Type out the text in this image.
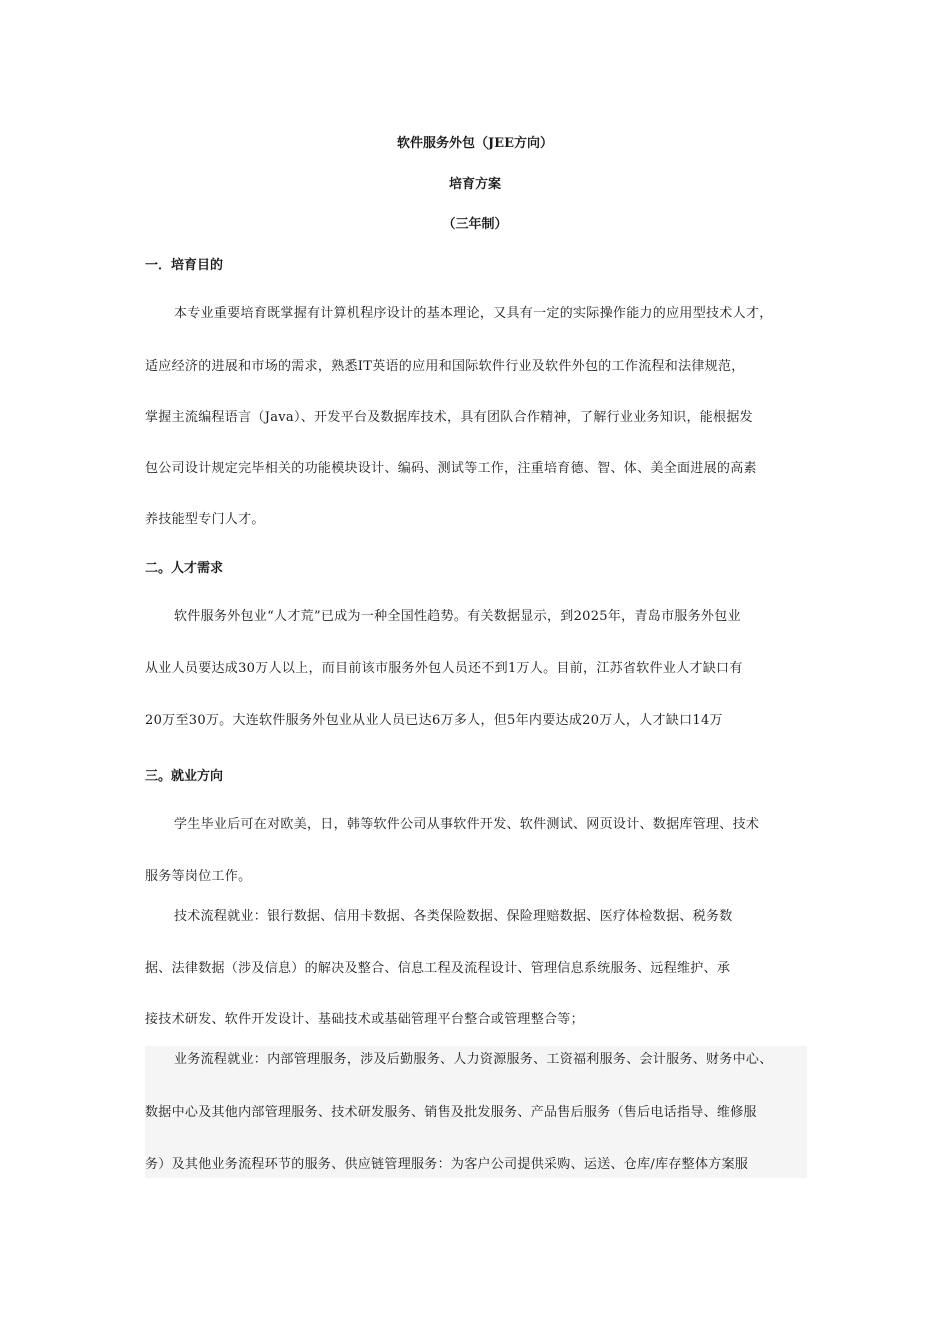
软件服务外包（JEE方向）
培育方案
（三年制）
一．培育目的
本专业重要培育既掌握有计算机程序设计的基本理论，又具有一定的实际操作能力的应用型技术人才，
适应经济的进展和市场的需求，熟悉IT英语的应用和国际软件行业及软件外包的工作流程和法律规范，
掌握主流编程语言（Java）、开发平台及数据库技术，具有团队合作精神，了解行业业务知识，能根据发
包公司设计规定完毕相关的功能模块设计、编码、测试等工作，注重培育德、智、体、美全面进展的高素
养技能型专门人才。
二。人才需求
软件服务外包业“人才荒”已成为一种全国性趋势。有关数据显示，到2025年，青岛市服务外包业
从业人员要达成30万人以上，而目前该市服务外包人员还不到1万人。目前，江苏省软件业人才缺口有
20万至30万。大连软件服务外包业从业人员已达6万多人，但5年内要达成20万人，人才缺口14万
三。就业方向
学生毕业后可在对欧美，日，韩等软件公司从事软件开发、软件测试、网页设计、数据库管理、技术
服务等岗位工作。
技术流程就业：银行数据、信用卡数据、各类保险数据、保险理赔数据、医疗体检数据、税务数
据、法律数据（涉及信息）的解决及整合、信息工程及流程设计、管理信息系统服务、远程维护、承
接技术研发、软件开发设计、基础技术或基础管理平台整合或管理整合等；
业务流程就业：内部管理服务，涉及后勤服务、人力资源服务、工资福利服务、会计服务、财务中心、
数据中心及其他内部管理服务、技术研发服务、销售及批发服务、产品售后服务（售后电话指导、维修服
务）及其他业务流程环节的服务、供应链管理服务：为客户公司提供采购、运送、仓库/库存整体方案服
